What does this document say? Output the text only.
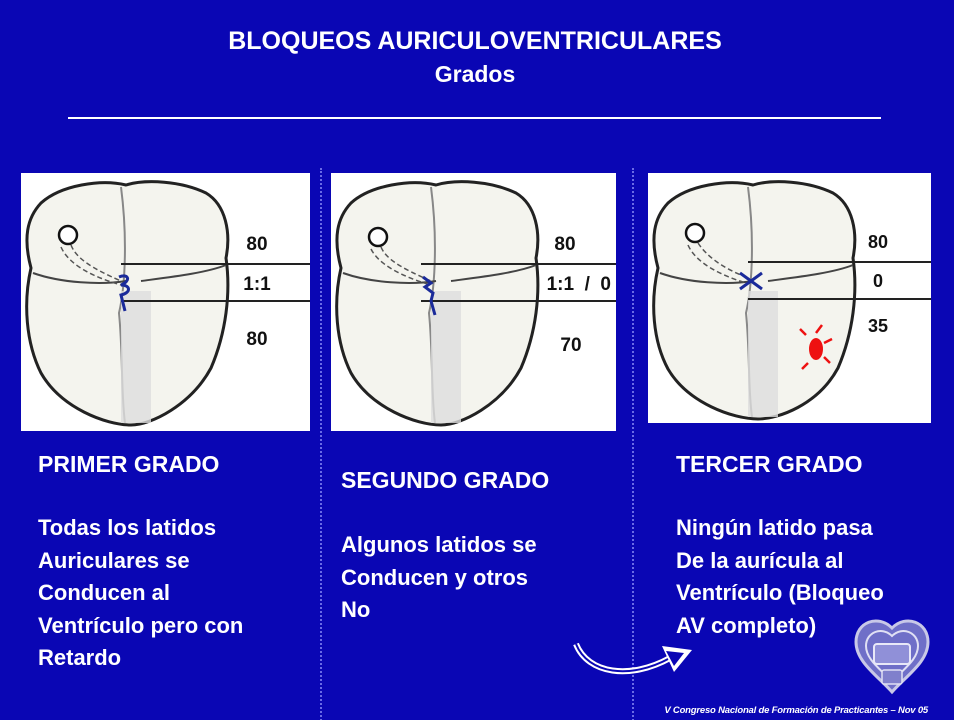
BLOQUEOS AURICULOVENTRICULARES
Grados
80
1:1
80
80
1:1  /  0
70
80
0
35
PRIMER GRADO
SEGUNDO GRADO
TERCER GRADO
Todas los latidos
Auriculares se
Conducen al
Ventrículo pero con
Retardo
Algunos latidos se
Conducen y otros
No
Ningún latido pasa
De la aurícula al
Ventrículo (Bloqueo
AV completo)
V Congreso Nacional de Formación de Practicantes – Nov 05
